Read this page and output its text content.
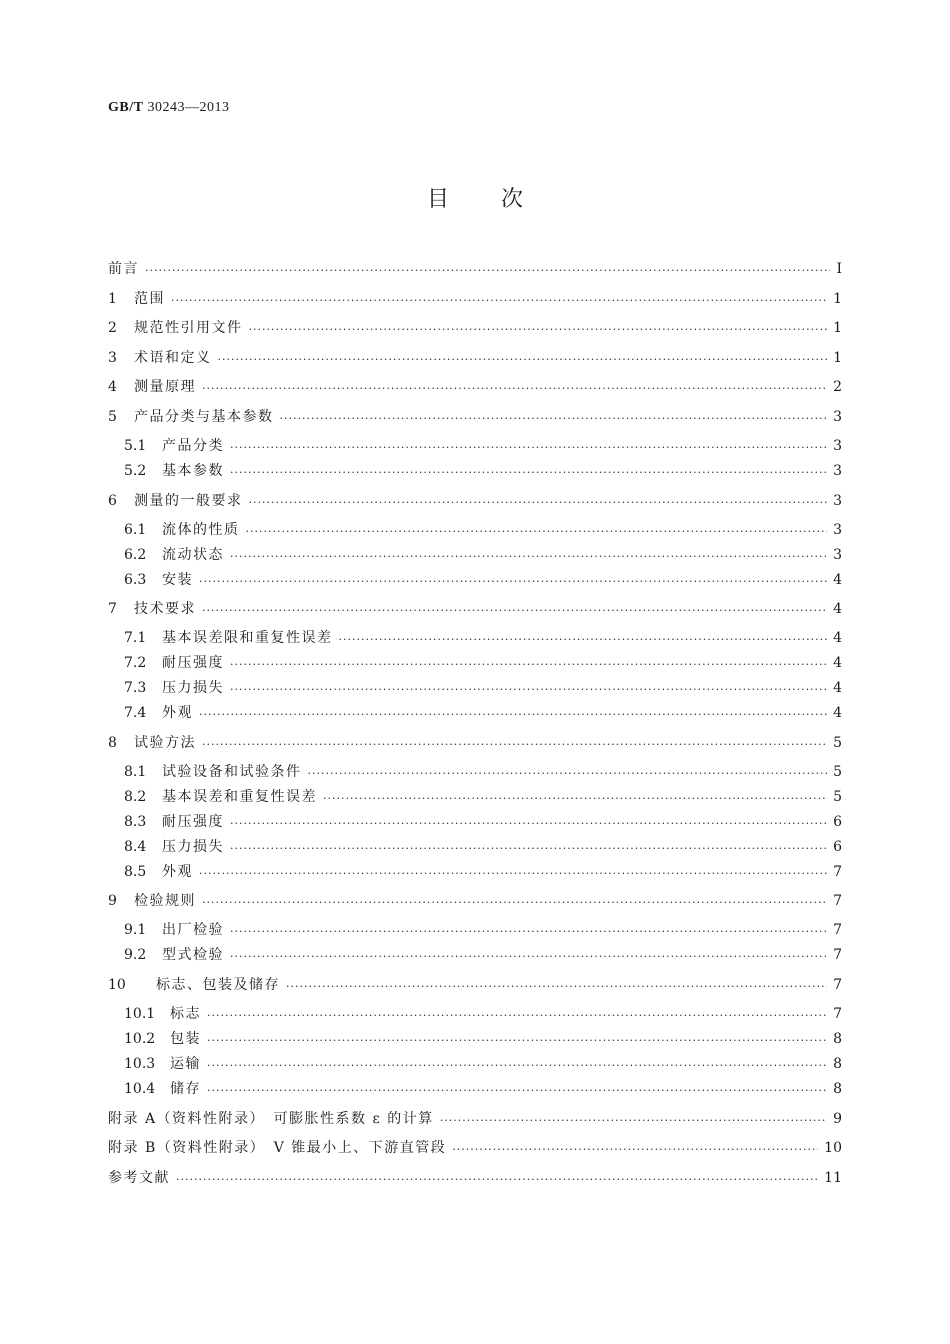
GB/T 30243—2013
目 次
前言 ·····	Ⅰ
1	范围 ·····	1
2	规范性引用文件 ·····	1
3	术语和定义 ·····	1
4	测量原理 ·····	2
5	产品分类与基本参数 ·····	3
5.1	产品分类 ·····	3
5.2	基本参数 ·····	3
6	测量的一般要求 ·····	3
6.1	流体的性质 ·····	3
6.2	流动状态 ·····	3
6.3	安装 ·····	4
7	技术要求 ·····	4
7.1	基本误差限和重复性误差 ·····	4
7.2	耐压强度 ·····	4
7.3	压力损失 ·····	4
7.4	外观 ·····	4
8	试验方法 ·····	5
8.1	试验设备和试验条件 ·····	5
8.2	基本误差和重复性误差 ·····	5
8.3	耐压强度 ·····	6
8.4	压力损失 ·····	6
8.5	外观 ·····	7
9	检验规则 ·····	7
9.1	出厂检验 ·····	7
9.2	型式检验 ·····	7
10	标志、包装及储存 ·····	7
10.1	标志 ·····	7
10.2	包装 ·····	8
10.3	运输 ·····	8
10.4	储存 ·····	8
附录 A（资料性附录）　可膨胀性系数 ε 的计算 ·····	9
附录 B（资料性附录）　V 锥最小上、下游直管段 ·····	10
参考文献 ·····	11
